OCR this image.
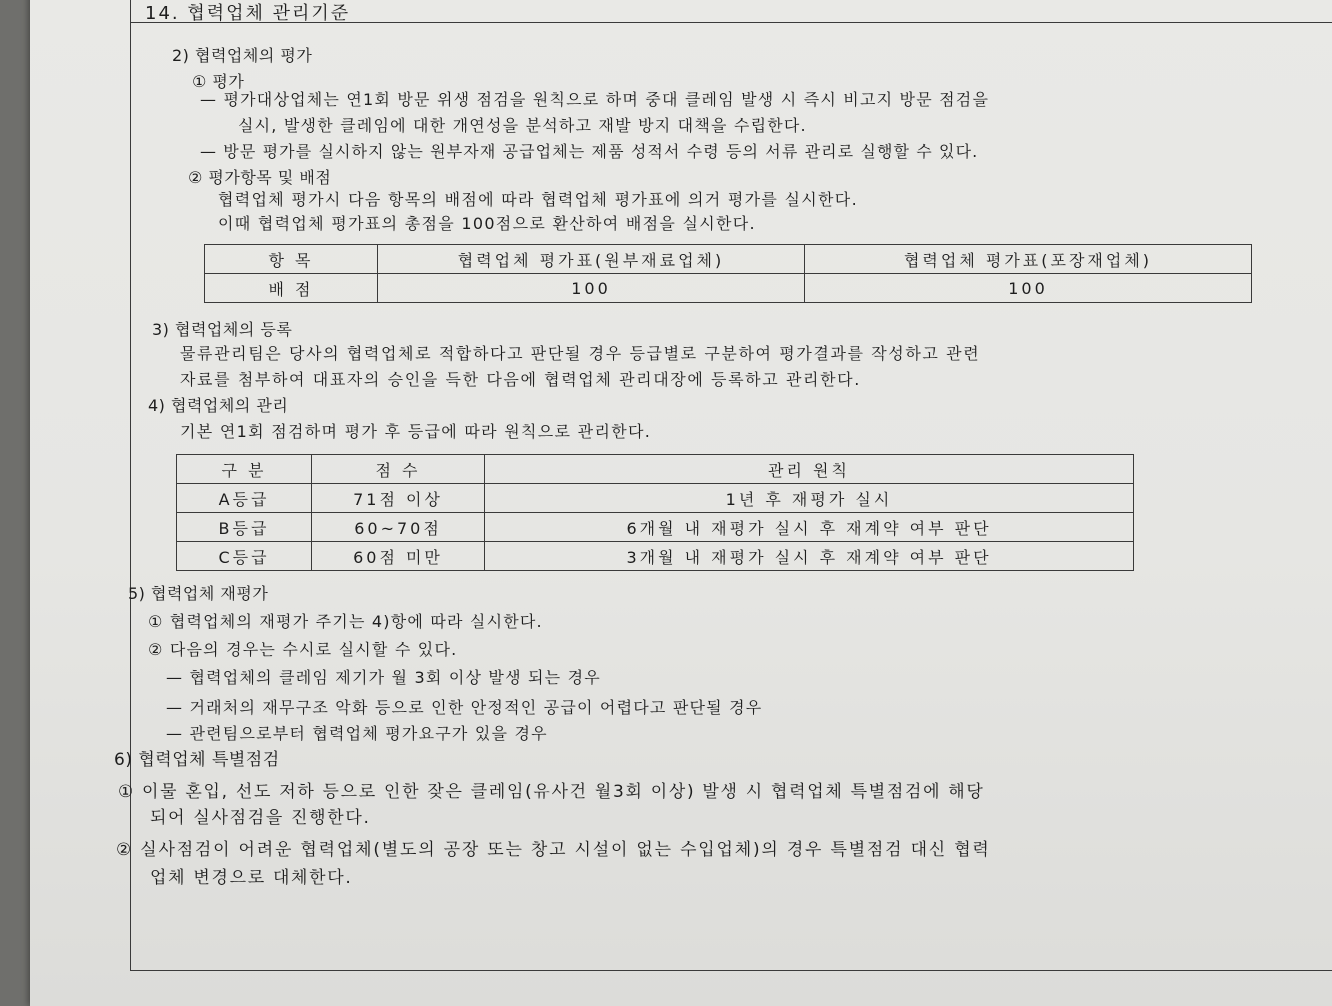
14. 협력업체 관리기준
2) 협력업체의 평가
① 평가
— 평가대상업체는 연1회 방문 위생 점검을 원칙으로 하며 중대 클레임 발생 시 즉시 비고지 방문 점검을
실시, 발생한 클레임에 대한 개연성을 분석하고 재발 방지 대책을 수립한다.
— 방문 평가를 실시하지 않는 원부자재 공급업체는 제품 성적서 수령 등의 서류 관리로 실행할 수 있다.
② 평가항목 및 배점
협력업체 평가시 다음 항목의 배점에 따라 협력업체 평가표에 의거 평가를 실시한다.
이때 협력업체 평가표의 총점을 100점으로 환산하여 배점을 실시한다.
항 목	협력업체 평가표(원부재료업체)	협력업체 평가표(포장재업체)
배 점	100	100
3) 협력업체의 등록
물류관리팀은 당사의 협력업체로 적합하다고 판단될 경우 등급별로 구분하여 평가결과를 작성하고 관련
자료를 첨부하여 대표자의 승인을 득한 다음에 협력업체 관리대장에 등록하고 관리한다.
4) 협력업체의 관리
기본 연1회 점검하며 평가 후 등급에 따라 원칙으로 관리한다.
구 분	점 수	관리 원칙
A등급	71점 이상	1년 후 재평가 실시
B등급	60~70점	6개월 내 재평가 실시 후 재계약 여부 판단
C등급	60점 미만	3개월 내 재평가 실시 후 재계약 여부 판단
5) 협력업체 재평가
① 협력업체의 재평가 주기는 4)항에 따라 실시한다.
② 다음의 경우는 수시로 실시할 수 있다.
— 협력업체의 클레임 제기가 월 3회 이상 발생 되는 경우
— 거래처의 재무구조 악화 등으로 인한 안정적인 공급이 어렵다고 판단될 경우
— 관련팀으로부터 협력업체 평가요구가 있을 경우
6) 협력업체 특별점검
① 이물 혼입, 선도 저하 등으로 인한 잦은 클레임(유사건 월3회 이상) 발생 시 협력업체 특별점검에 해당
되어 실사점검을 진행한다.
② 실사점검이 어려운 협력업체(별도의 공장 또는 창고 시설이 없는 수입업체)의 경우 특별점검 대신 협력
업체 변경으로 대체한다.
